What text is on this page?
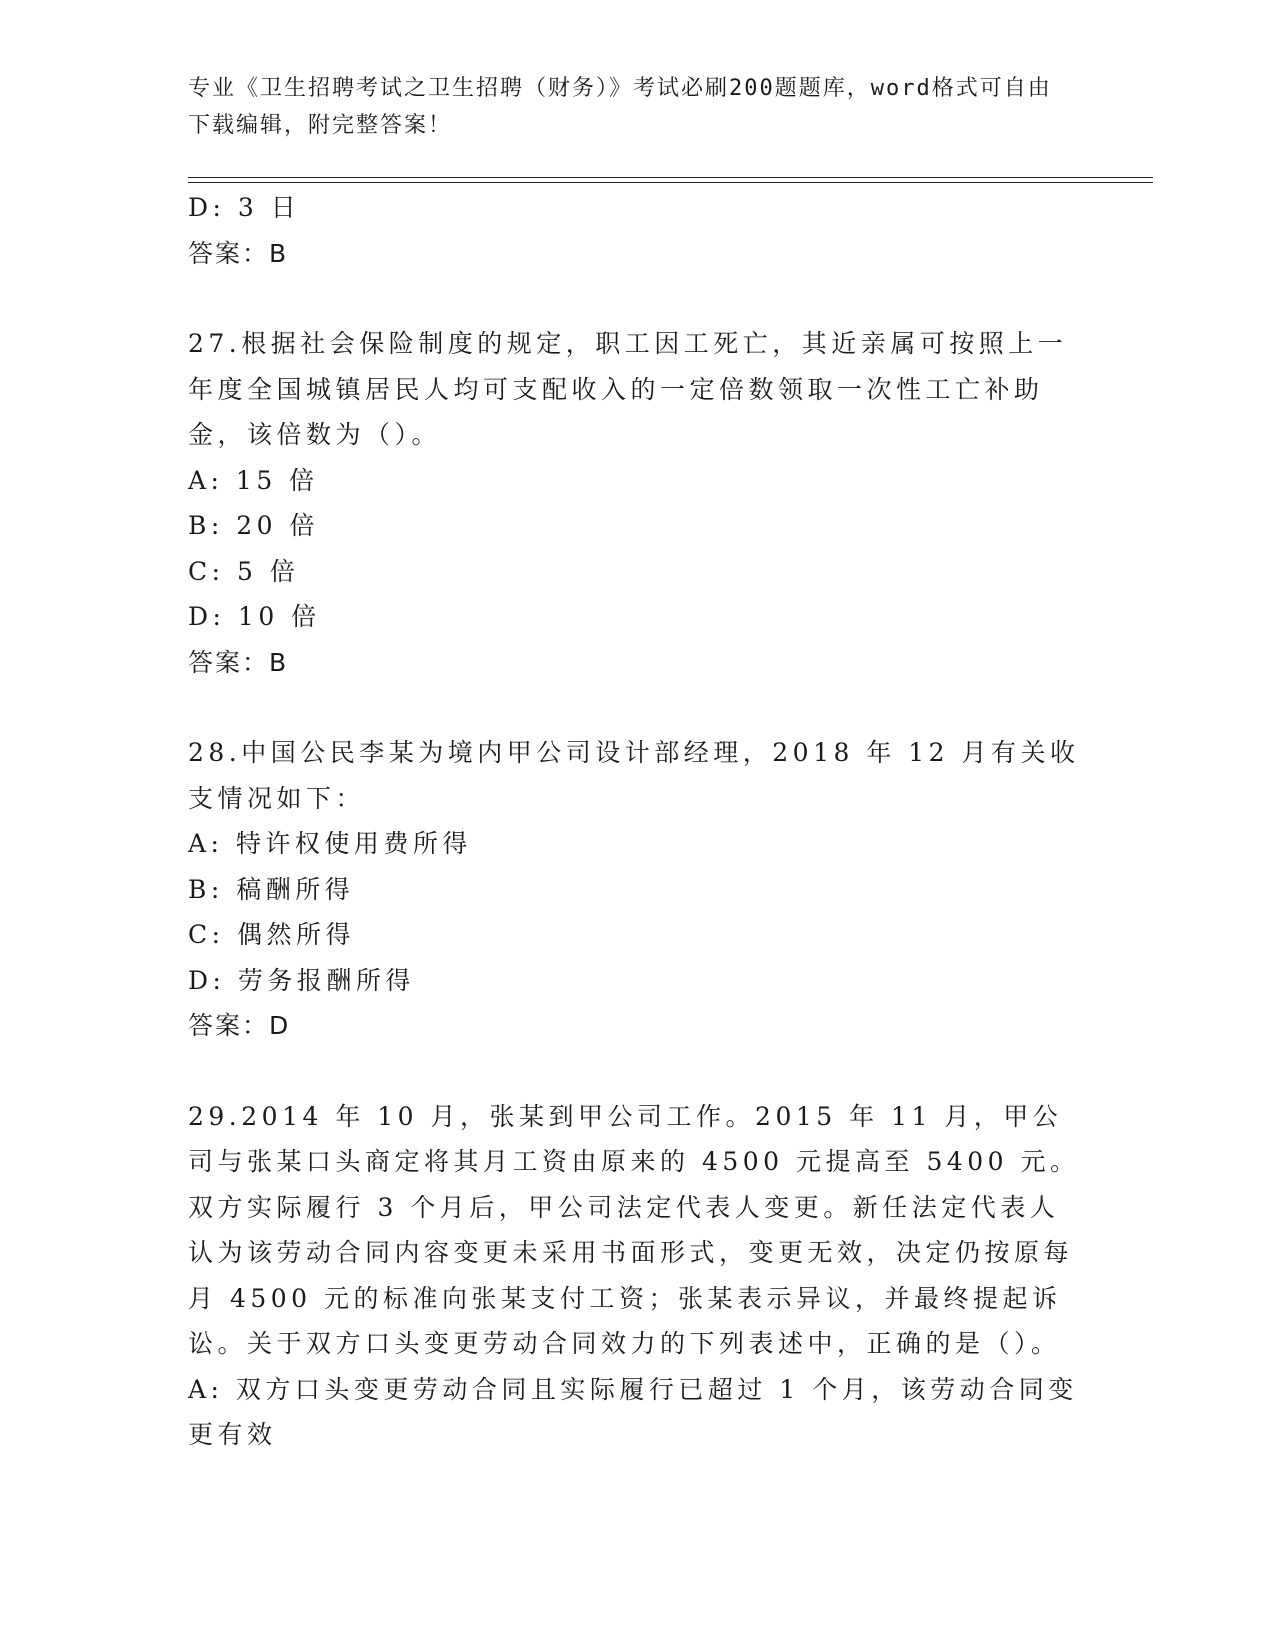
专业《卫生招聘考试之卫生招聘（财务）》考试必刷200题题库，word格式可自由下载编辑，附完整答案！
D: 3 日
答案：B
27.根据社会保险制度的规定，职工因工死亡，其近亲属可按照上一年度全国城镇居民人均可支配收入的一定倍数领取一次性工亡补助金，该倍数为（）。
A: 15 倍
B: 20 倍
C: 5 倍
D: 10 倍
答案：B
28.中国公民李某为境内甲公司设计部经理，2018 年 12 月有关收支情况如下：
A: 特许权使用费所得
B: 稿酬所得
C: 偶然所得
D: 劳务报酬所得
答案：D
29.2014 年 10 月，张某到甲公司工作。2015 年 11 月，甲公司与张某口头商定将其月工资由原来的 4500 元提高至 5400 元。双方实际履行 3 个月后，甲公司法定代表人变更。新任法定代表人认为该劳动合同内容变更未采用书面形式，变更无效，决定仍按原每月 4500 元的标准向张某支付工资；张某表示异议，并最终提起诉讼。关于双方口头变更劳动合同效力的下列表述中，正确的是（）。
A: 双方口头变更劳动合同且实际履行已超过 1 个月，该劳动合同变更有效
